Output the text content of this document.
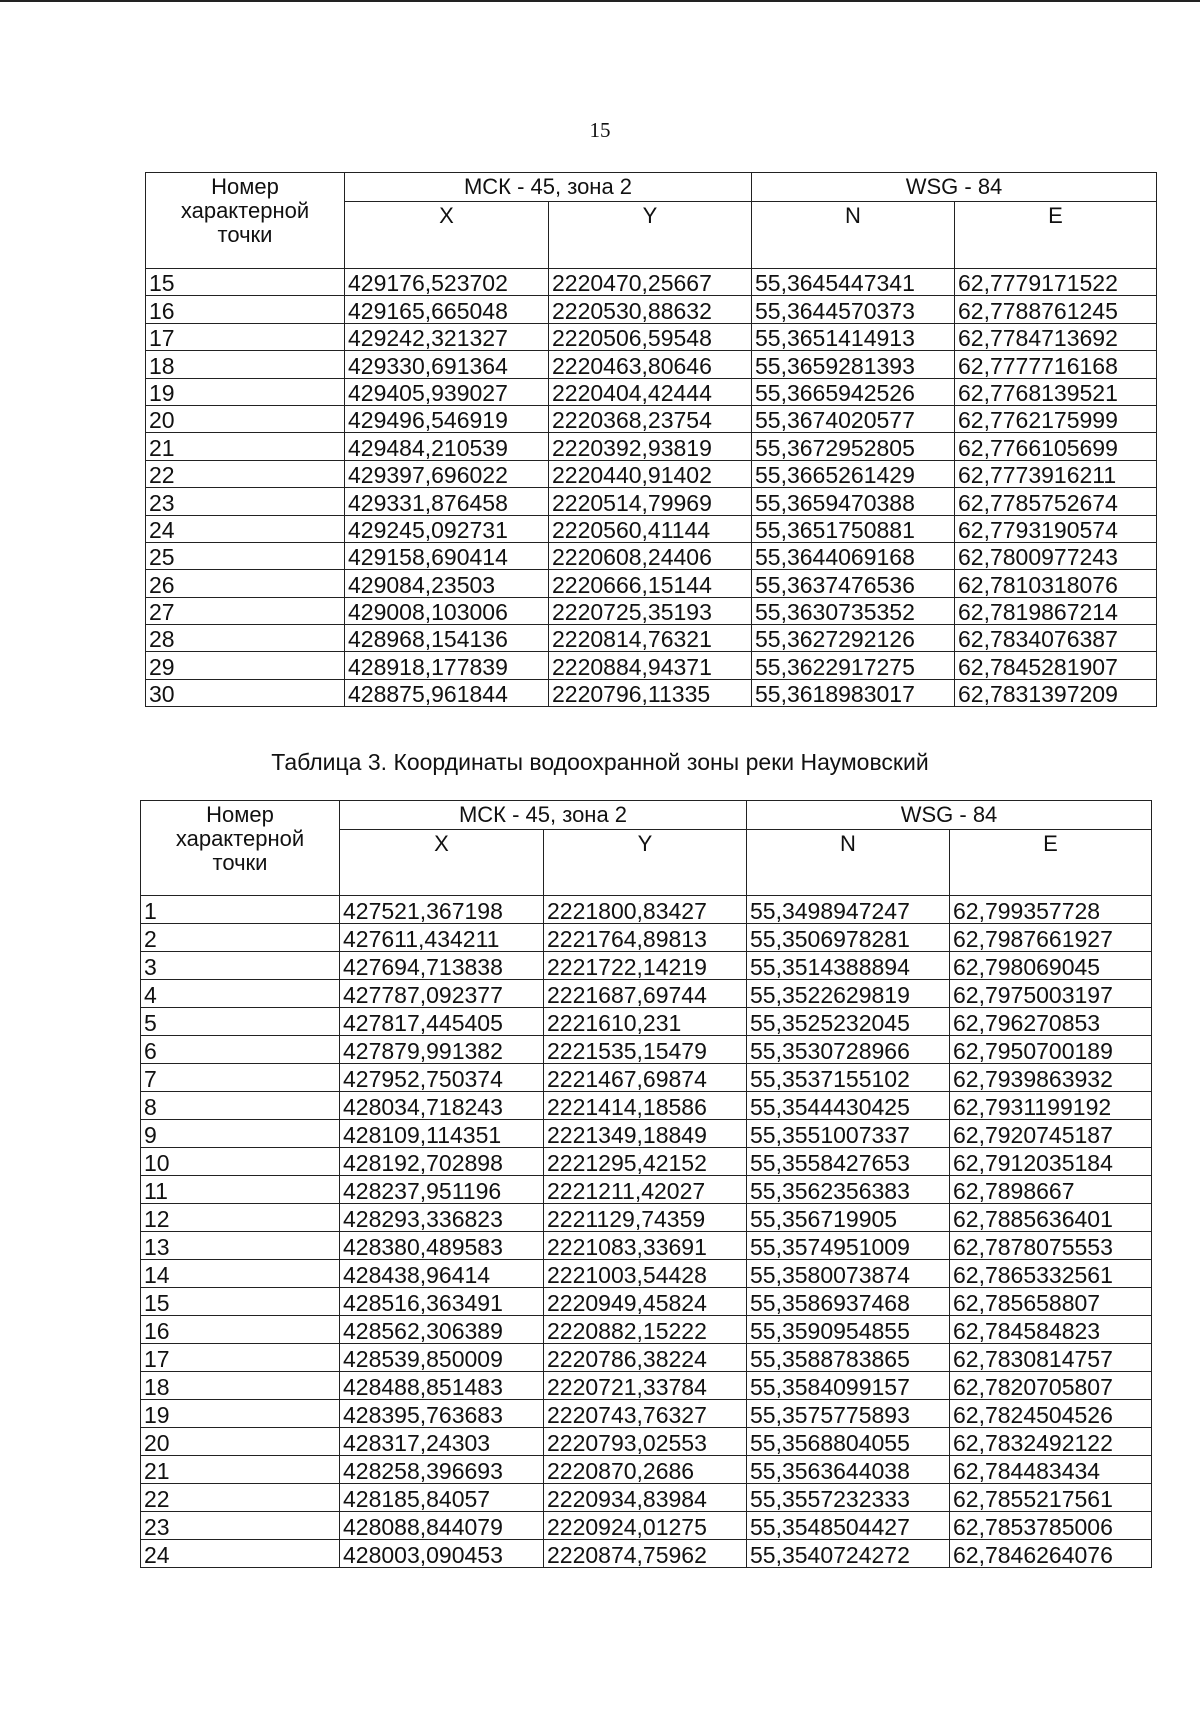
15
Номер
характерной
точки	МСК - 45, зона 2		WSG - 84	
	X	Y	N	E
15	429176,523702	2220470,25667	55,3645447341	62,7779171522
16	429165,665048	2220530,88632	55,3644570373	62,7788761245
17	429242,321327	2220506,59548	55,3651414913	62,7784713692
18	429330,691364	2220463,80646	55,3659281393	62,7777716168
19	429405,939027	2220404,42444	55,3665942526	62,7768139521
20	429496,546919	2220368,23754	55,3674020577	62,7762175999
21	429484,210539	2220392,93819	55,3672952805	62,7766105699
22	429397,696022	2220440,91402	55,3665261429	62,7773916211
23	429331,876458	2220514,79969	55,3659470388	62,7785752674
24	429245,092731	2220560,41144	55,3651750881	62,7793190574
25	429158,690414	2220608,24406	55,3644069168	62,7800977243
26	429084,23503	2220666,15144	55,3637476536	62,7810318076
27	429008,103006	2220725,35193	55,3630735352	62,7819867214
28	428968,154136	2220814,76321	55,3627292126	62,7834076387
29	428918,177839	2220884,94371	55,3622917275	62,7845281907
30	428875,961844	2220796,11335	55,3618983017	62,7831397209
Таблица 3. Координаты водоохранной зоны реки Наумовский
Номер
характерной
точки	МСК - 45, зона 2		WSG - 84	
	X	Y	N	E
1	427521,367198	2221800,83427	55,3498947247	62,799357728
2	427611,434211	2221764,89813	55,3506978281	62,7987661927
3	427694,713838	2221722,14219	55,3514388894	62,798069045
4	427787,092377	2221687,69744	55,3522629819	62,7975003197
5	427817,445405	2221610,231	55,3525232045	62,796270853
6	427879,991382	2221535,15479	55,3530728966	62,7950700189
7	427952,750374	2221467,69874	55,3537155102	62,7939863932
8	428034,718243	2221414,18586	55,3544430425	62,7931199192
9	428109,114351	2221349,18849	55,3551007337	62,7920745187
10	428192,702898	2221295,42152	55,3558427653	62,7912035184
11	428237,951196	2221211,42027	55,3562356383	62,7898667
12	428293,336823	2221129,74359	55,356719905	62,7885636401
13	428380,489583	2221083,33691	55,3574951009	62,7878075553
14	428438,96414	2221003,54428	55,3580073874	62,7865332561
15	428516,363491	2220949,45824	55,3586937468	62,785658807
16	428562,306389	2220882,15222	55,3590954855	62,784584823
17	428539,850009	2220786,38224	55,3588783865	62,7830814757
18	428488,851483	2220721,33784	55,3584099157	62,7820705807
19	428395,763683	2220743,76327	55,3575775893	62,7824504526
20	428317,24303	2220793,02553	55,3568804055	62,7832492122
21	428258,396693	2220870,2686	55,3563644038	62,784483434
22	428185,84057	2220934,83984	55,3557232333	62,7855217561
23	428088,844079	2220924,01275	55,3548504427	62,7853785006
24	428003,090453	2220874,75962	55,3540724272	62,7846264076
